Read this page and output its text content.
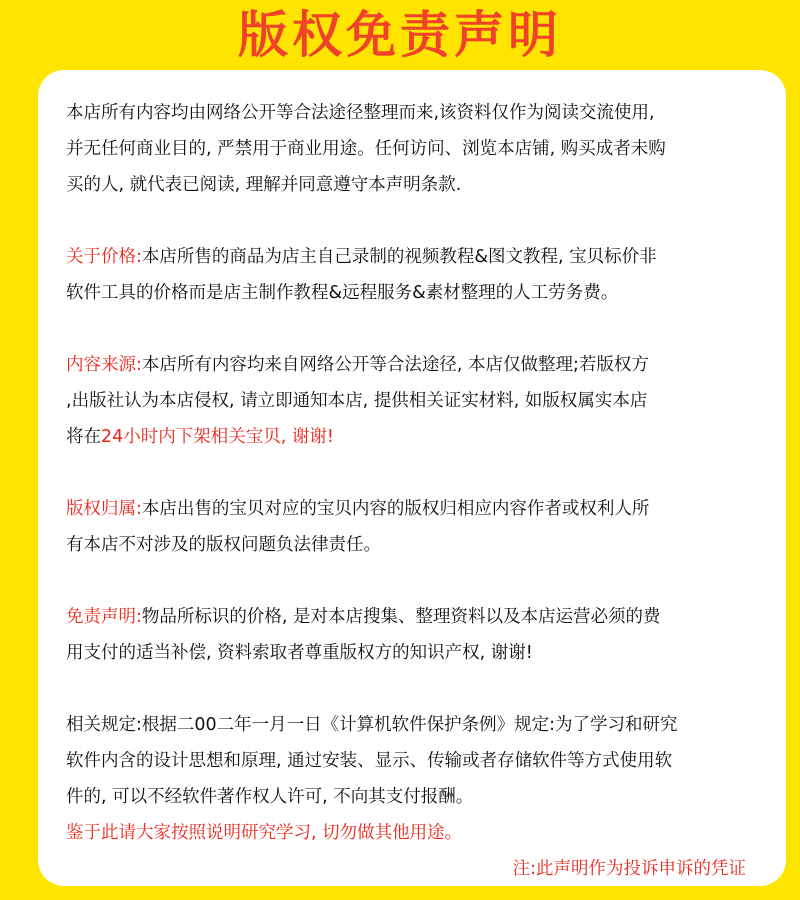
版权免责声明
本店所有内容均由网络公开等合法途径整理而来,该资料仅作为阅读交流使用,
并无任何商业目的, 严禁用于商业用途。任何访问、浏览本店铺, 购买成者未购
买的人, 就代表已阅读, 理解并同意遵守本声明条款.
关于价格:本店所售的商品为店主自己录制的视频教程&图文教程, 宝贝标价非
软件工具的价格而是店主制作教程&远程服务&素材整理的人工劳务费。
内容来源:本店所有内容均来自网络公开等合法途径, 本店仅做整理;若版权方
,出版社认为本店侵权, 请立即通知本店, 提供相关证实材料, 如版权属实本店
将在24小时内下架相关宝贝, 谢谢!
版权归属:本店出售的宝贝对应的宝贝内容的版权归相应内容作者或权利人所
有本店不对涉及的版权问题负法律责任。
免责声明:物品所标识的价格, 是对本店搜集、整理资料以及本店运营必须的费
用支付的适当补偿, 资料索取者尊重版权方的知识产权, 谢谢!
相关规定:根据二00二年一月一日《计算机软件保护条例》规定:为了学习和研究
软件内含的设计思想和原理, 通过安装、显示、传输或者存储软件等方式使用软
件的, 可以不经软件著作权人许可, 不向其支付报酬。
鉴于此请大家按照说明研究学习, 切勿做其他用途。
注:此声明作为投诉申诉的凭证
